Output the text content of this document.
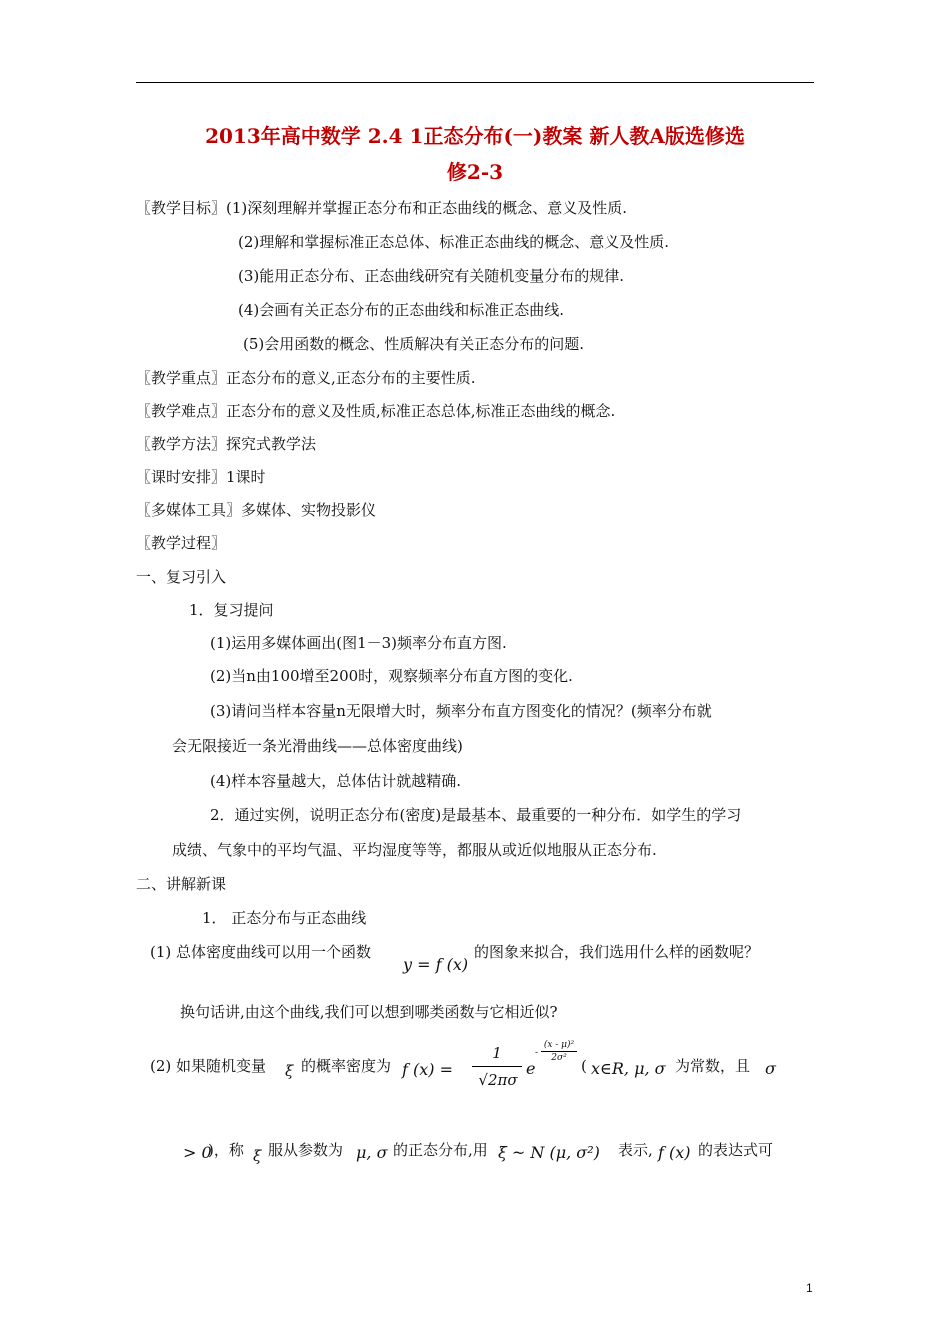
2013年高中数学 2.4 1正态分布(一)教案 新人教A版选修选
修2-3
〖教学目标〗(1)深刻理解并掌握正态分布和正态曲线的概念、意义及性质.
(2)理解和掌握标准正态总体、标准正态曲线的概念、意义及性质.
(3)能用正态分布、正态曲线研究有关随机变量分布的规律.
(4)会画有关正态分布的正态曲线和标准正态曲线.
(5)会用函数的概念、性质解决有关正态分布的问题.
〖教学重点〗正态分布的意义,正态分布的主要性质.
〖教学难点〗正态分布的意义及性质,标准正态总体,标准正态曲线的概念.
〖教学方法〗探究式教学法
〖课时安排〗1课时
〖多媒体工具〗多媒体、实物投影仪
〖教学过程〗
一、复习引入
1．复习提问
(1)运用多媒体画出(图1－3)频率分布直方图.
(2)当n由100增至200时，观察频率分布直方图的变化.
(3)请问当样本容量n无限增大时，频率分布直方图变化的情况？(频率分布就
会无限接近一条光滑曲线——总体密度曲线)
(4)样本容量越大，总体估计就越精确.
2．通过实例，说明正态分布(密度)是最基本、最重要的一种分布．如学生的学习
成绩、气象中的平均气温、平均湿度等等，都服从或近似地服从正态分布.
二、讲解新课
1． 正态分布与正态曲线
(1) 总体密度曲线可以用一个函数
y = f (x)
的图象来拟合，我们选用什么样的函数呢？
换句话讲,由这个曲线,我们可以想到哪类函数与它相近似?
(2) 如果随机变量 ξ 的概率密度为 f (x) =
1
√2πσ
e
-
(x - μ)²
2σ² ( x∈R, μ, σ 为常数，且 σ
> 0
)，称 ξ 服从参数为 μ, σ 的正态分布,用 ξ ~ N (μ, σ²) 表示, f (x) 的表达式可
1
